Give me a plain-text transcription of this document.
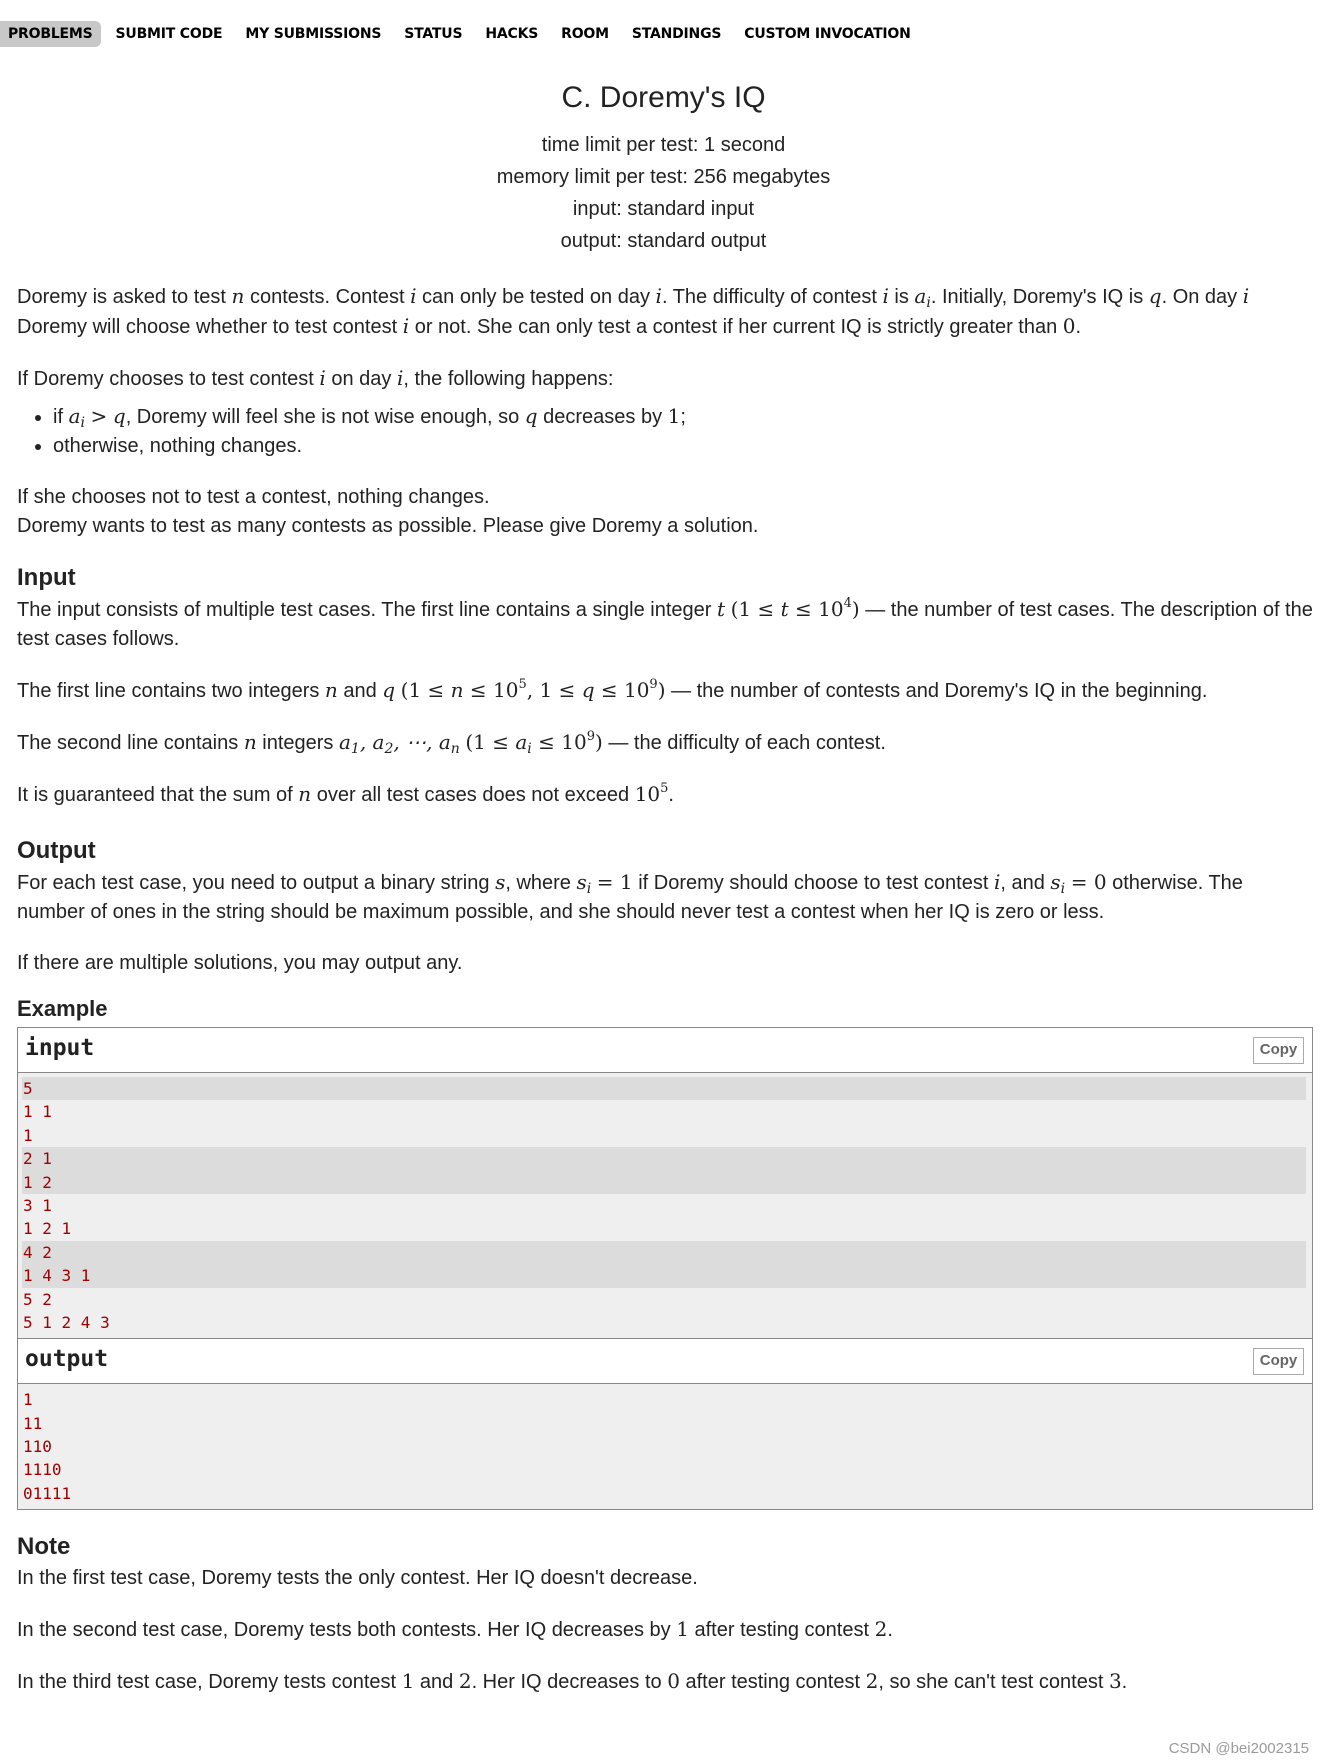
PROBLEMS	SUBMIT CODE	MY SUBMISSIONS	STATUS	HACKS	ROOM	STANDINGS	CUSTOM INVOCATION
C. Doremy's IQ
time limit per test: 1 second
memory limit per test: 256 megabytes
input: standard input
output: standard output

Doremy is asked to test n contests. Contest i can only be tested on day i. The difficulty of contest i is $a_i$. Initially, Doremy's IQ is q. On day i Doremy will choose whether to test contest i or not. She can only test a contest if her current IQ is strictly greater than 0.

If Doremy chooses to test contest i on day i, the following happens:

• if $a_i > q$, Doremy will feel she is not wise enough, so q decreases by 1;
• otherwise, nothing changes.

If she chooses not to test a contest, nothing changes.
Doremy wants to test as many contests as possible. Please give Doremy a solution.

Input

The input consists of multiple test cases. The first line contains a single integer t $(1 \le t \le 10^4)$ — the number of test cases. The description of the test cases follows.

The first line contains two integers n and q ($1 \le n \le 10^5$, $1 \le q \le 10^9$) — the number of contests and Doremy's IQ in the beginning.

The second line contains n integers $a_1$, $a_2$, ⋯, $a_n$ $(1 \le a_i \le 10^9)$ — the difficulty of each contest.

It is guaranteed that the sum of n over all test cases does not exceed $10^5$.

Output

For each test case, you need to output a binary string s, where $s_i = 1$ if Doremy should choose to test contest i, and $s_i = 0$ otherwise. The number of ones in the string should be maximum possible, and she should never test a contest when her IQ is zero or less.

If there are multiple solutions, you may output any.

Example
input	Copy
5
1 1
1
2 1
1 2
3 1
1 2 1
4 2
1 4 3 1
5 2
5 1 2 4 3
output	Copy
1
11
110
1110
01111
Note

In the first test case, Doremy tests the only contest. Her IQ doesn't decrease.

In the second test case, Doremy tests both contests. Her IQ decreases by 1 after testing contest 2.

In the third test case, Doremy tests contest 1 and 2. Her IQ decreases to 0 after testing contest 2, so she can't test contest 3.

CSDN @bei2002315
